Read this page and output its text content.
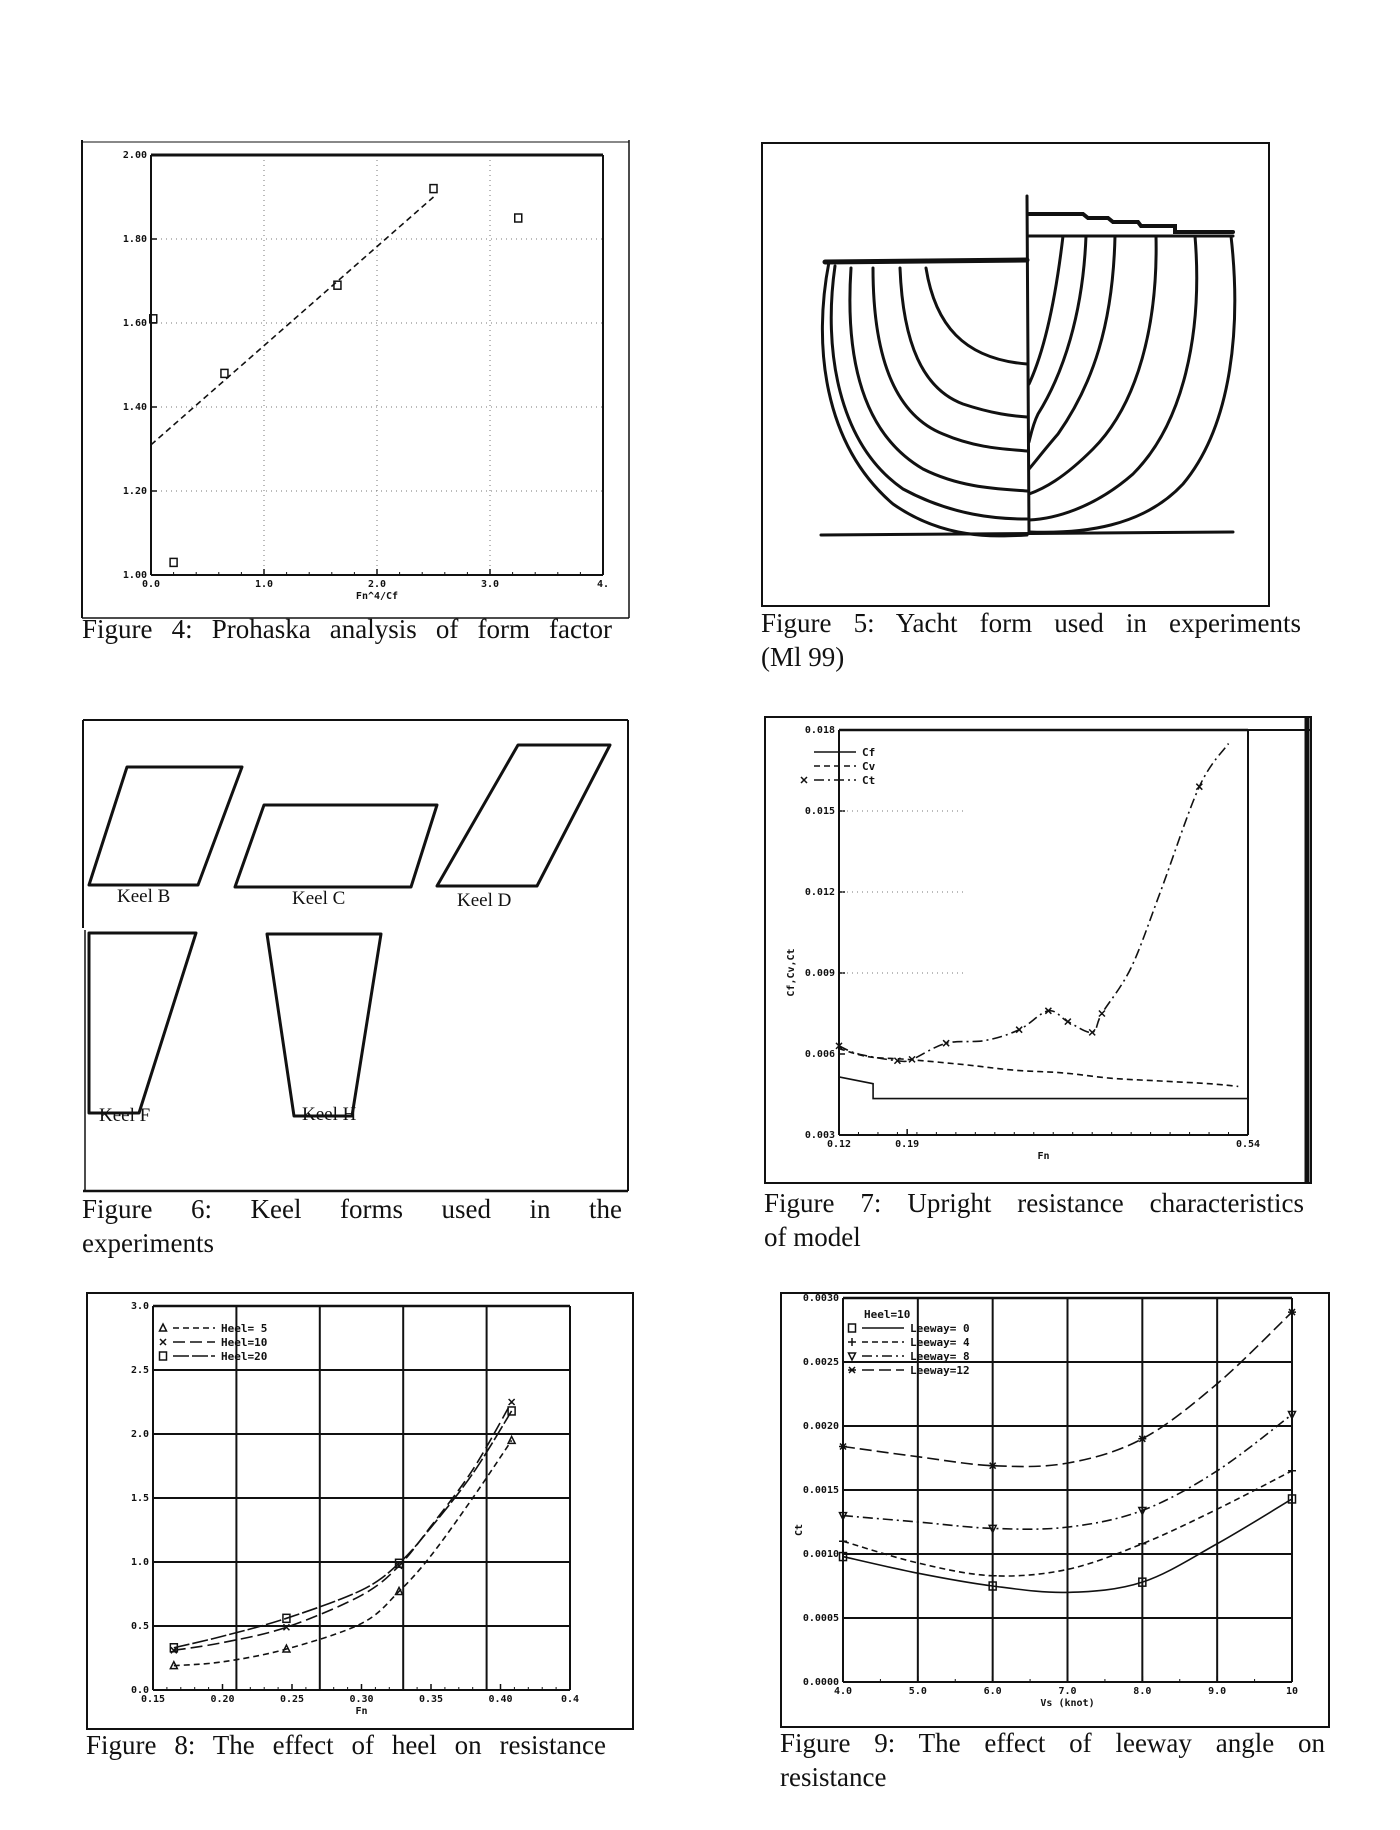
1.00
1.20
1.40
1.60
1.80
2.00
0.0	1.0	2.0	3.0	4.
Fn^4/Cf
Figure 4: Prohaska analysis of form factor	Figure 5: Yacht form used in experiments
(Ml 99)
Keel B	Keel C	Keel D
Keel F	Keel H
Figure 6: Keel forms used in the
experiments
0.003
0.006
0.009
0.012
0.015
0.018
0.12	0.19	0.54
Fn
Cf,Cv,Ct
Cf
Cv
Ct
Figure 7: Upright resistance characteristics
of model
0.0
0.5
1.0
1.5
2.0
2.5
3.0
0.15	0.20	0.25	0.30	0.35	0.40	0.4
Fn
Heel= 5
Heel=10
Heel=20
Figure 8: The effect of heel on resistance
0.0000
0.0005
0.0010
0.0015
0.0020
0.0025
0.0030
4.0	5.0	6.0	7.0	8.0	9.0	10
Vs (knot)
Ct
Heel=10
Leeway= 0
Leeway= 4
Leeway= 8
Leeway=12
Figure 9: The effect of leeway angle on
resistance
